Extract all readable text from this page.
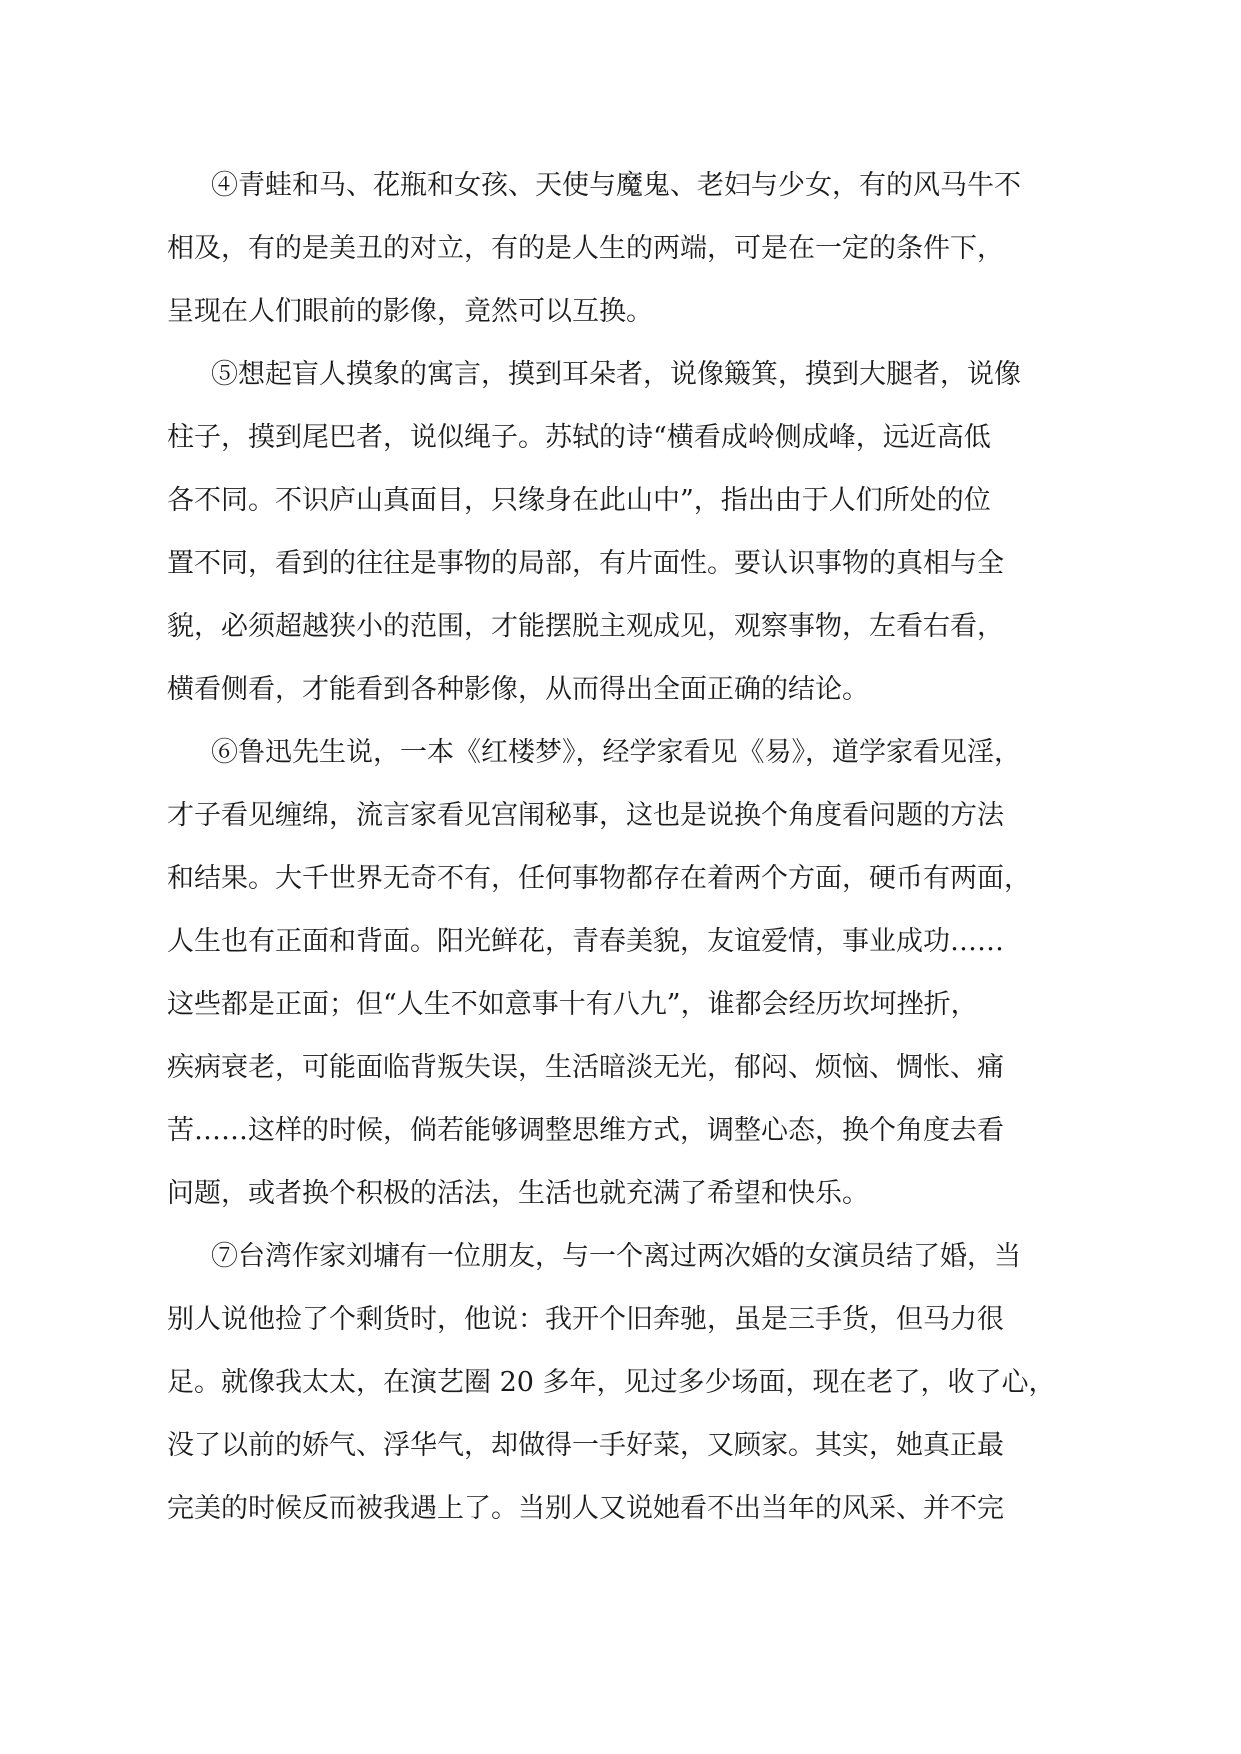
④青蛙和马、花瓶和女孩、天使与魔鬼、老妇与少女，有的风马牛不
相及，有的是美丑的对立，有的是人生的两端，可是在一定的条件下，
呈现在人们眼前的影像，竟然可以互换。
⑤想起盲人摸象的寓言，摸到耳朵者，说像簸箕，摸到大腿者，说像
柱子，摸到尾巴者，说似绳子。苏轼的诗“横看成岭侧成峰，远近高低
各不同。不识庐山真面目，只缘身在此山中”，指出由于人们所处的位
置不同，看到的往往是事物的局部，有片面性。要认识事物的真相与全
貌，必须超越狭小的范围，才能摆脱主观成见，观察事物，左看右看，
横看侧看，才能看到各种影像，从而得出全面正确的结论。
⑥鲁迅先生说，一本《红楼梦》，经学家看见《易》，道学家看见淫，
才子看见缠绵，流言家看见宫闱秘事，这也是说换个角度看问题的方法
和结果。大千世界无奇不有，任何事物都存在着两个方面，硬币有两面，
人生也有正面和背面。阳光鲜花，青春美貌，友谊爱情，事业成功……
这些都是正面；但“人生不如意事十有八九”，谁都会经历坎坷挫折，
疾病衰老，可能面临背叛失误，生活暗淡无光，郁闷、烦恼、惆怅、痛
苦……这样的时候，倘若能够调整思维方式，调整心态，换个角度去看
问题，或者换个积极的活法，生活也就充满了希望和快乐。
⑦台湾作家刘墉有一位朋友，与一个离过两次婚的女演员结了婚，当
别人说他捡了个剩货时，他说：我开个旧奔驰，虽是三手货，但马力很
足。就像我太太，在演艺圈 20 多年，见过多少场面，现在老了，收了心，
没了以前的娇气、浮华气，却做得一手好菜，又顾家。其实，她真正最
完美的时候反而被我遇上了。当别人又说她看不出当年的风采、并不完
